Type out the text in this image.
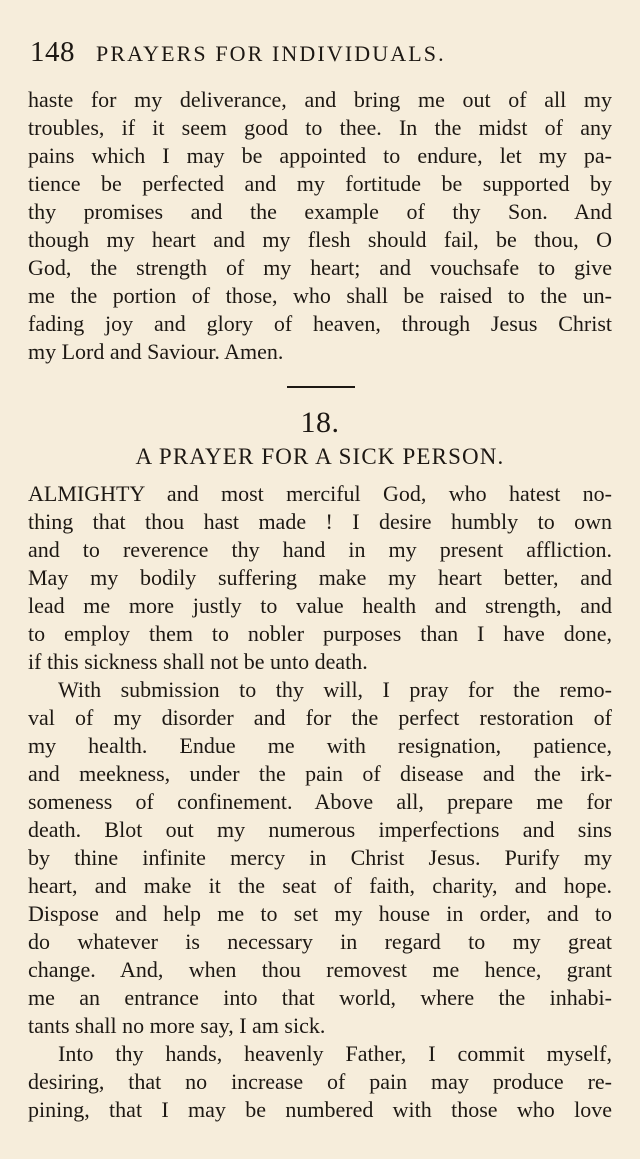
148 PRAYERS FOR INDIVIDUALS.
haste for my deliverance, and bring me out of all my
troubles, if it seem good to thee. In the midst of any
pains which I may be appointed to endure, let my pa-
tience be perfected and my fortitude be supported by
thy promises and the example of thy Son. And
though my heart and my flesh should fail, be thou, O
God, the strength of my heart; and vouchsafe to give
me the portion of those, who shall be raised to the un-
fading joy and glory of heaven, through Jesus Christ
my Lord and Saviour. Amen.
18.
A PRAYER FOR A SICK PERSON.
ALMIGHTY and most merciful God, who hatest no-
thing that thou hast made ! I desire humbly to own
and to reverence thy hand in my present affliction.
May my bodily suffering make my heart better, and
lead me more justly to value health and strength, and
to employ them to nobler purposes than I have done,
if this sickness shall not be unto death.
With submission to thy will, I pray for the remo-
val of my disorder and for the perfect restoration of
my health. Endue me with resignation, patience,
and meekness, under the pain of disease and the irk-
someness of confinement. Above all, prepare me for
death. Blot out my numerous imperfections and sins
by thine infinite mercy in Christ Jesus. Purify my
heart, and make it the seat of faith, charity, and hope.
Dispose and help me to set my house in order, and to
do whatever is necessary in regard to my great
change. And, when thou removest me hence, grant
me an entrance into that world, where the inhabi-
tants shall no more say, I am sick.
Into thy hands, heavenly Father, I commit myself,
desiring, that no increase of pain may produce re-
pining, that I may be numbered with those who love
